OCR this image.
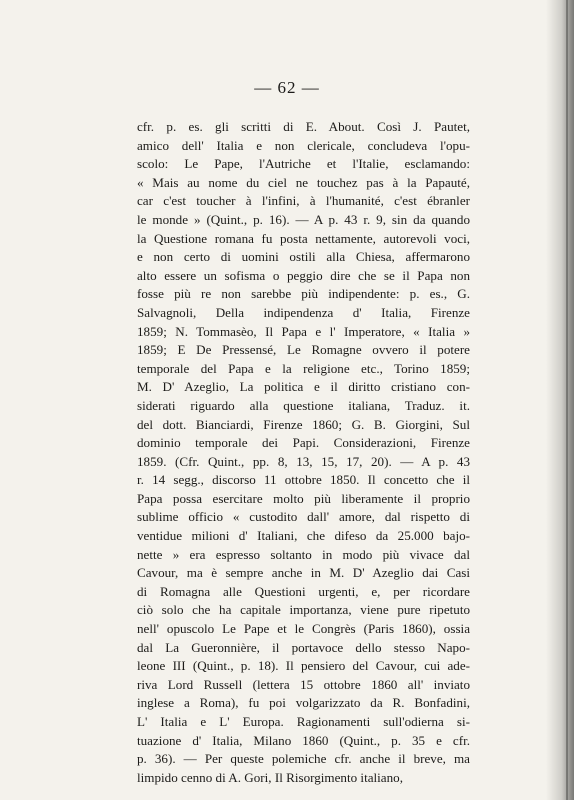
— 62 —
cfr. p. es. gli scritti di E. About. Così J. Pautet,
amico dell' Italia e non clericale, concludeva l'opu-
scolo: Le Pape, l'Autriche et l'Italie, esclamando:
« Mais au nome du ciel ne touchez pas à la Papauté,
car c'est toucher à l'infini, à l'humanité, c'est ébranler
le monde » (Quint., p. 16). — A p. 43 r. 9, sin da quando
la Questione romana fu posta nettamente, autorevoli voci,
e non certo di uomini ostili alla Chiesa, affermarono
alto essere un sofisma o peggio dire che se il Papa non
fosse più re non sarebbe più indipendente: p. es., G.
Salvagnoli, Della indipendenza d' Italia, Firenze
1859; N. Tommasèo, Il Papa e l' Imperatore, « Italia »
1859; E De Pressensé, Le Romagne ovvero il potere
temporale del Papa e la religione etc., Torino 1859;
M. D' Azeglio, La politica e il diritto cristiano con-
siderati riguardo alla questione italiana, Traduz. it.
del dott. Bianciardi, Firenze 1860; G. B. Giorgini, Sul
dominio temporale dei Papi. Considerazioni, Firenze
1859. (Cfr. Quint., pp. 8, 13, 15, 17, 20). — A p. 43
r. 14 segg., discorso 11 ottobre 1850. Il concetto che il
Papa possa esercitare molto più liberamente il proprio
sublime officio « custodito dall' amore, dal rispetto di
ventidue milioni d' Italiani, che difeso da 25.000 bajo-
nette » era espresso soltanto in modo più vivace dal
Cavour, ma è sempre anche in M. D' Azeglio dai Casi
di Romagna alle Questioni urgenti, e, per ricordare
ciò solo che ha capitale importanza, viene pure ripetuto
nell' opuscolo Le Pape et le Congrès (Paris 1860), ossia
dal La Gueronnière, il portavoce dello stesso Napo-
leone III (Quint., p. 18). Il pensiero del Cavour, cui ade-
riva Lord Russell (lettera 15 ottobre 1860 all' inviato
inglese a Roma), fu poi volgarizzato da R. Bonfadini,
L' Italia e L' Europa. Ragionamenti sull'odierna si-
tuazione d' Italia, Milano 1860 (Quint., p. 35 e cfr.
p. 36). — Per queste polemiche cfr. anche il breve, ma
limpido cenno di A. Gori, Il Risorgimento italiano,
